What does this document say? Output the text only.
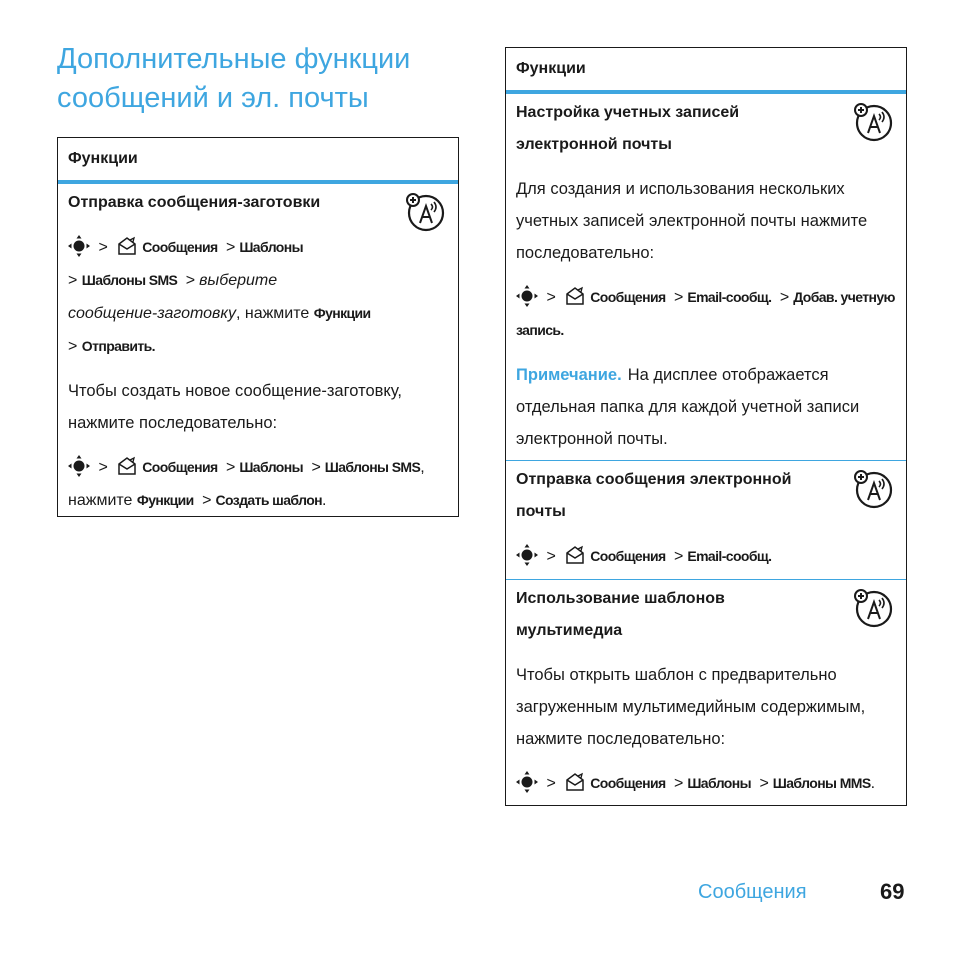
Дополнительные функции
сообщений и эл. почты
Функции
Отправка сообщения-заготовки
> Сообщения > Шаблоны
> Шаблоны SMS > выберите
сообщение-заготовку, нажмите Функции
> Отправить.
Чтобы создать новое сообщение-заготовку, нажмите последовательно:
> Сообщения > Шаблоны > Шаблоны SMS,
нажмите Функции > Создать шаблон.
Функции
Настройка учетных записей электронной почты
Для создания и использования нескольких учетных записей электронной почты нажмите последовательно:
> Сообщения > Email-сообщ. > Добав. учетную запись.
Примечание. На дисплее отображается отдельная папка для каждой учетной записи электронной почты.
Отправка сообщения электронной почты
> Сообщения > Email-сообщ.
Использование шаблонов мультимедиа
Чтобы открыть шаблон с предварительно загруженным мультимедийным содержимым, нажмите последовательно:
> Сообщения > Шаблоны > Шаблоны MMS.
Сообщения	69
